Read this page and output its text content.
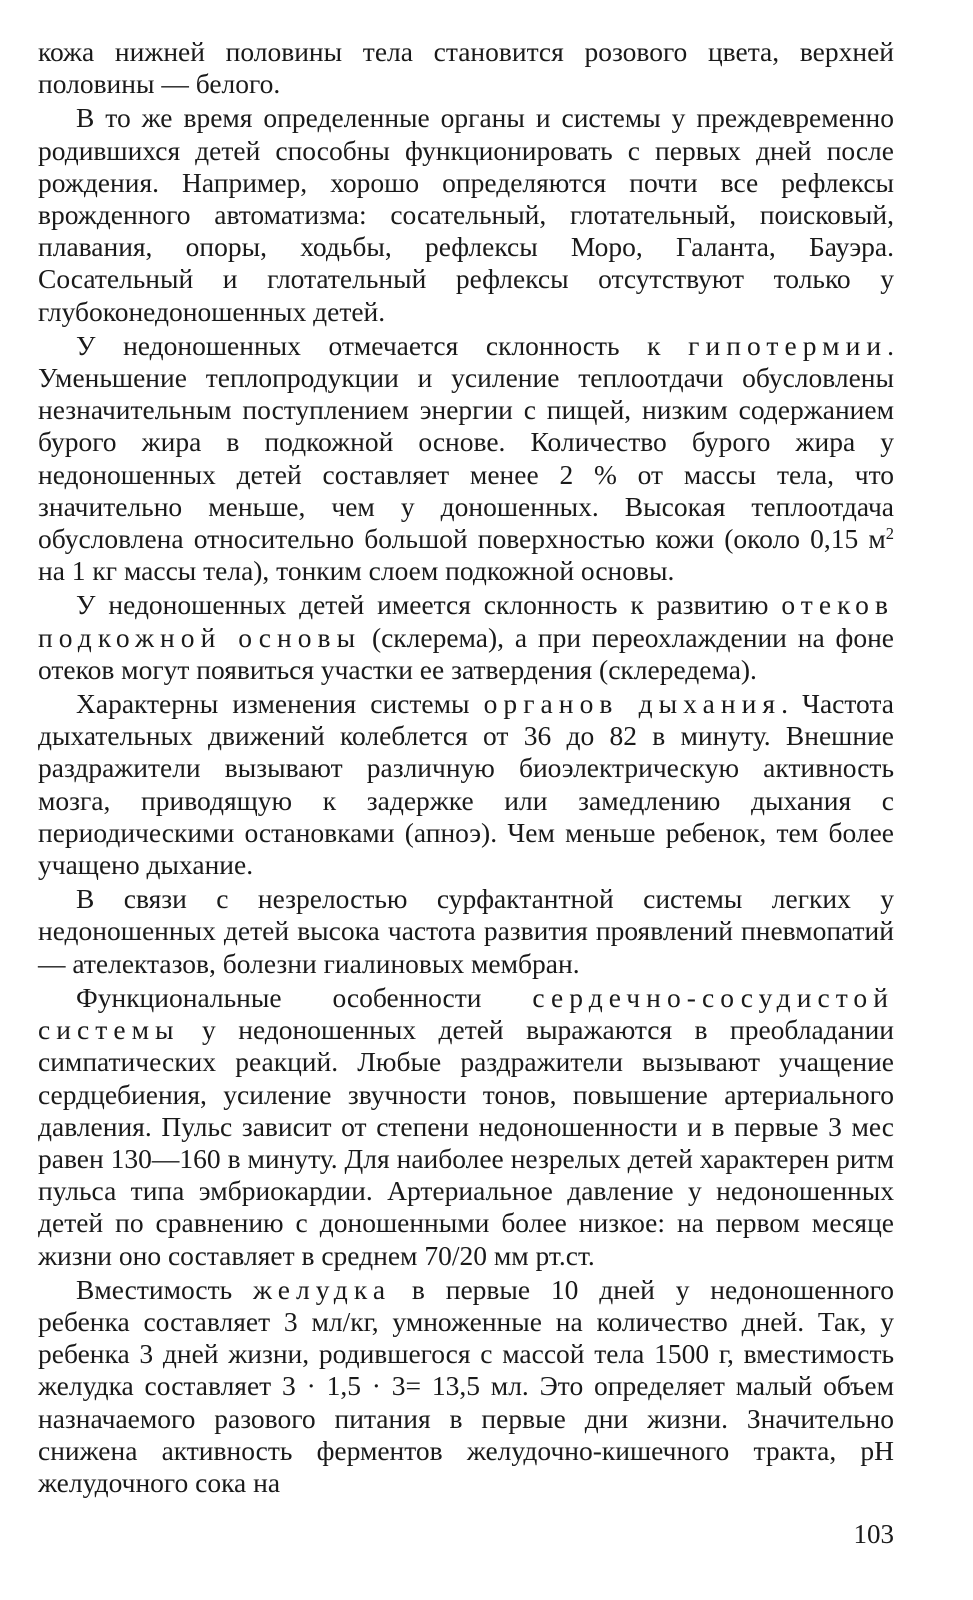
кожа нижней половины тела становится розового цвета, верхней половины — белого.

В то же время определенные органы и системы у преждевременно родившихся детей способны функционировать с первых дней после рождения. Например, хорошо определяются почти все рефлексы врожденного автоматизма: сосательный, глотательный, поисковый, плавания, опоры, ходьбы, рефлексы Моро, Галанта, Бауэра. Сосательный и глотательный рефлексы отсутствуют только у глубоконедоношенных детей.

У недоношенных отмечается склонность к гипотермии. Уменьшение теплопродукции и усиление теплоотдачи обусловлены незначительным поступлением энергии с пищей, низким содержанием бурого жира в подкожной основе. Количество бурого жира у недоношенных детей составляет менее 2 % от массы тела, что значительно меньше, чем у доношенных. Высокая теплоотдача обусловлена относительно большой поверхностью кожи (около 0,15 $м^2$ на 1 кг массы тела), тонким слоем подкожной основы.

У недоношенных детей имеется склонность к развитию отеков подкожной основы (склерема), а при переохлаждении на фоне отеков могут появиться участки ее затвердения (склередема).

Характерны изменения системы органов дыхания. Частота дыхательных движений колеблется от 36 до 82 в минуту. Внешние раздражители вызывают различную биоэлектрическую активность мозга, приводящую к задержке или замедлению дыхания с периодическими остановками (апноэ). Чем меньше ребенок, тем более учащено дыхание.

В связи с незрелостью сурфактантной системы легких у недоношенных детей высока частота развития проявлений пневмопатий — ателектазов, болезни гиалиновых мембран.

Функциональные особенности сердечно-сосудистой системы у недоношенных детей выражаются в преобладании симпатических реакций. Любые раздражители вызывают учащение сердцебиения, усиление звучности тонов, повышение артериального давления. Пульс зависит от степени недоношенности и в первые 3 мес равен 130—160 в минуту. Для наиболее незрелых детей характерен ритм пульса типа эмбриокардии. Артериальное давление у недоношенных детей по сравнению с доношенными более низкое: на первом месяце жизни оно составляет в среднем 70/20 мм рт.ст.

Вместимость желудка в первые 10 дней у недоношенного ребенка составляет 3 мл/кг, умноженные на количество дней. Так, у ребенка 3 дней жизни, родившегося с массой тела 1500 г, вместимость желудка составляет 3 · 1,5 · 3= 13,5 мл. Это определяет малый объем назначаемого разового питания в первые дни жизни. Значительно снижена активность ферментов желудочно-кишечного тракта, pH желудочного сока на

103
